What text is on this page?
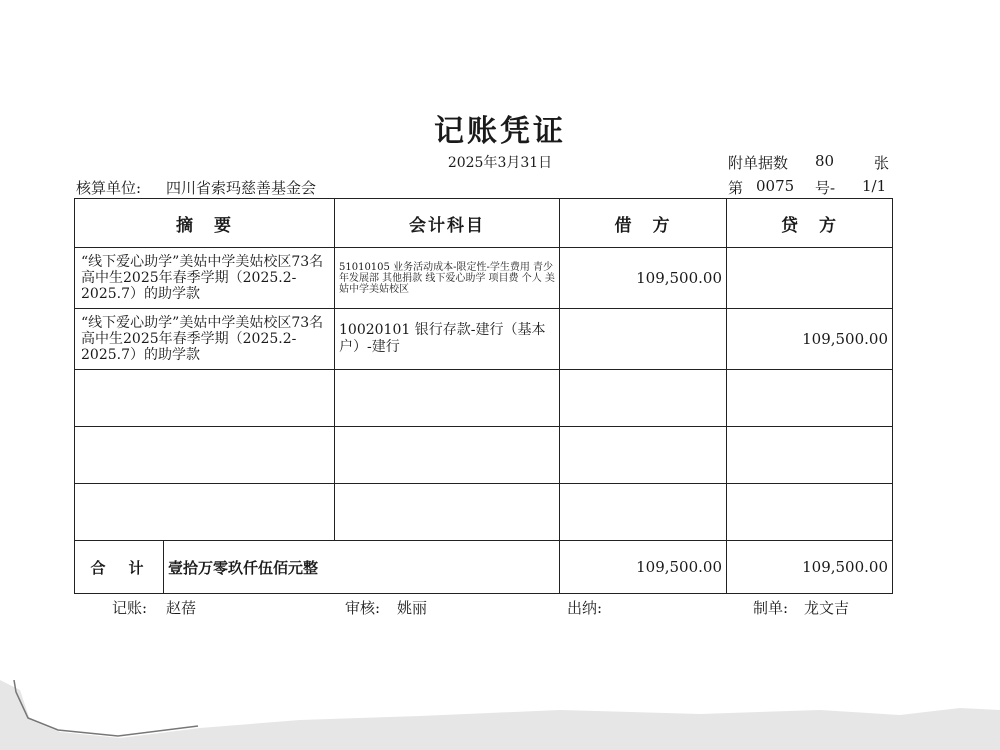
记账凭证
2025年3月31日	附单据数 80	张
核算单位: 四川省索玛慈善基金会	第 0075 号- 1/1
摘　要		会计科目	借　方	贷　方
“线下爱心助学”美姑中学美姑校区73名高中生2025年春季学期（2025.2-2025.7）的助学款		51010105 业务活动成本-限定性-学生费用 青少年发展部 其他捐款 线下爱心助学 项目费 个人 美姑中学美姑校区	109,500.00	
“线下爱心助学”美姑中学美姑校区73名高中生2025年春季学期（2025.2-2025.7）的助学款		10020101 银行存款-建行（基本户）-建行		109,500.00

合　计	壹拾万零玖仟伍佰元整		109,500.00	109,500.00
记账: 赵蓓	审核: 姚丽	出纳:	制单: 龙文吉
